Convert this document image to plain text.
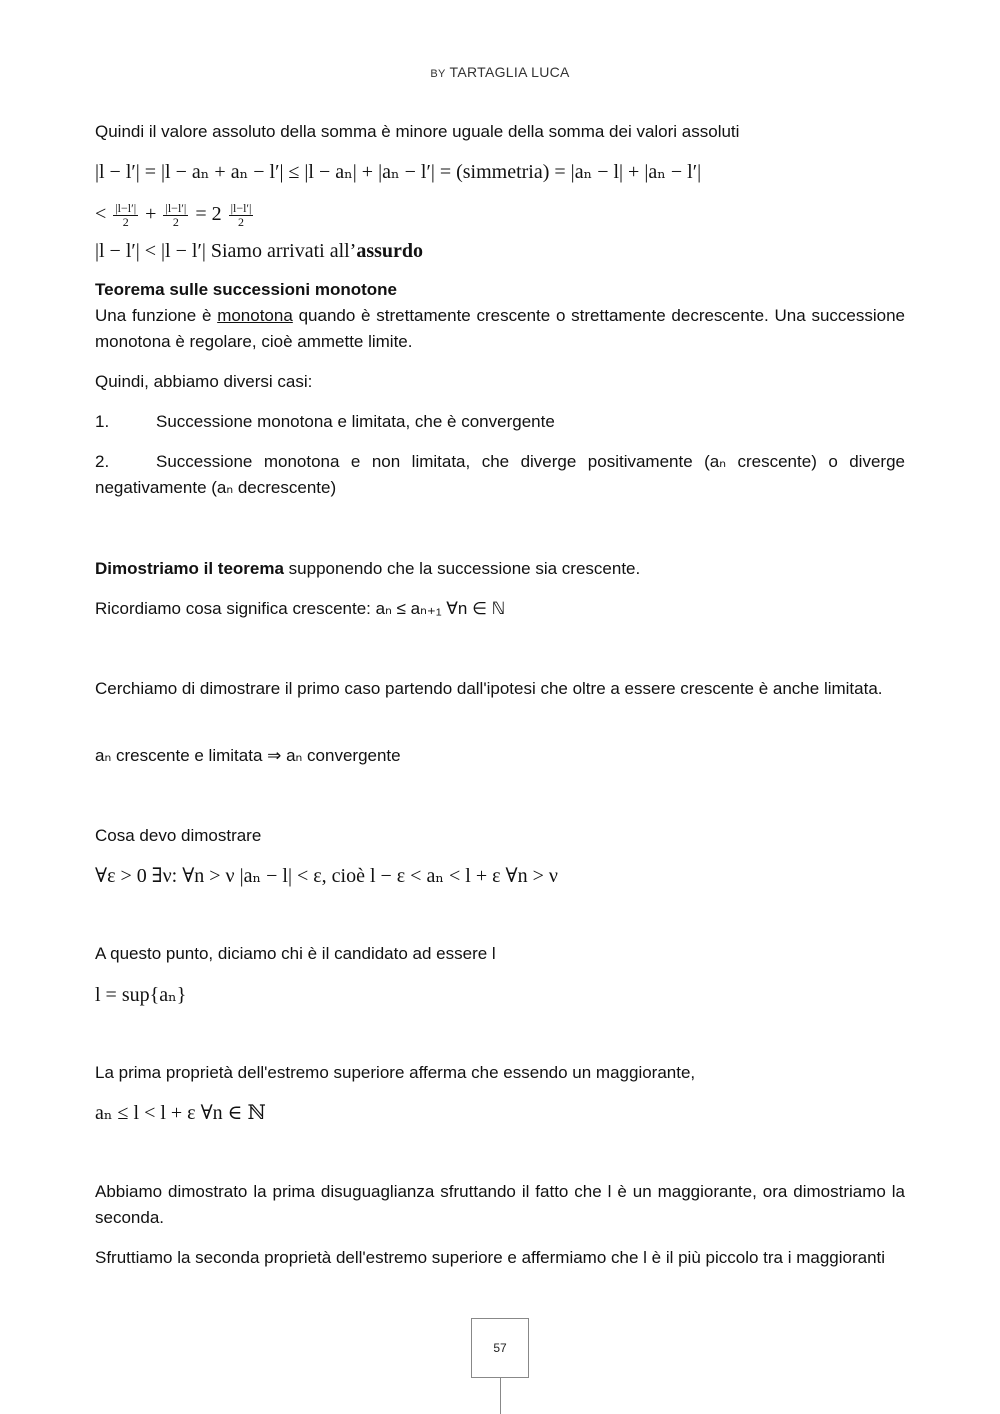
BY TARTAGLIA LUCA
Quindi il valore assoluto della somma è minore uguale della somma dei valori assoluti
|l − l′| = |l − aₙ + aₙ − l′| ≤ |l − aₙ| + |aₙ − l′| = (simmetria) = |aₙ − l| + |aₙ − l′|
< $\frac{|l-l'|}{2} + \frac{|l-l'|}{2} = 2 \frac{|l-l'|}{2}$
|l − l′| < |l − l′| Siamo arrivati all’assurdo
Teorema sulle successioni monotone
Una funzione è monotona quando è strettamente crescente o strettamente decrescente. Una successione monotona è regolare, cioè ammette limite.
Quindi, abbiamo diversi casi:
1.	Successione monotona e limitata, che è convergente
2.	Successione monotona e non limitata, che diverge positivamente (aₙ crescente) o diverge negativamente (aₙ decrescente)
Dimostriamo il teorema supponendo che la successione sia crescente.
Ricordiamo cosa significa crescente: aₙ ≤ aₙ₊₁ ∀n ∈ ℕ
Cerchiamo di dimostrare il primo caso partendo dall'ipotesi che oltre a essere crescente è anche limitata.
aₙ crescente e limitata ⇒ aₙ convergente
Cosa devo dimostrare
∀ε > 0 ∃ν: ∀n > ν |aₙ − l| < ε, cioè l − ε < aₙ < l + ε ∀n > ν
A questo punto, diciamo chi è il candidato ad essere l
l = sup{aₙ}
La prima proprietà dell'estremo superiore afferma che essendo un maggiorante,
aₙ ≤ l < l + ε ∀n ∈ ℕ
Abbiamo dimostrato la prima disuguaglianza sfruttando il fatto che l è un maggiorante, ora dimostriamo la seconda.
Sfruttiamo la seconda proprietà dell'estremo superiore e affermiamo che l è il più piccolo tra i maggioranti
57
